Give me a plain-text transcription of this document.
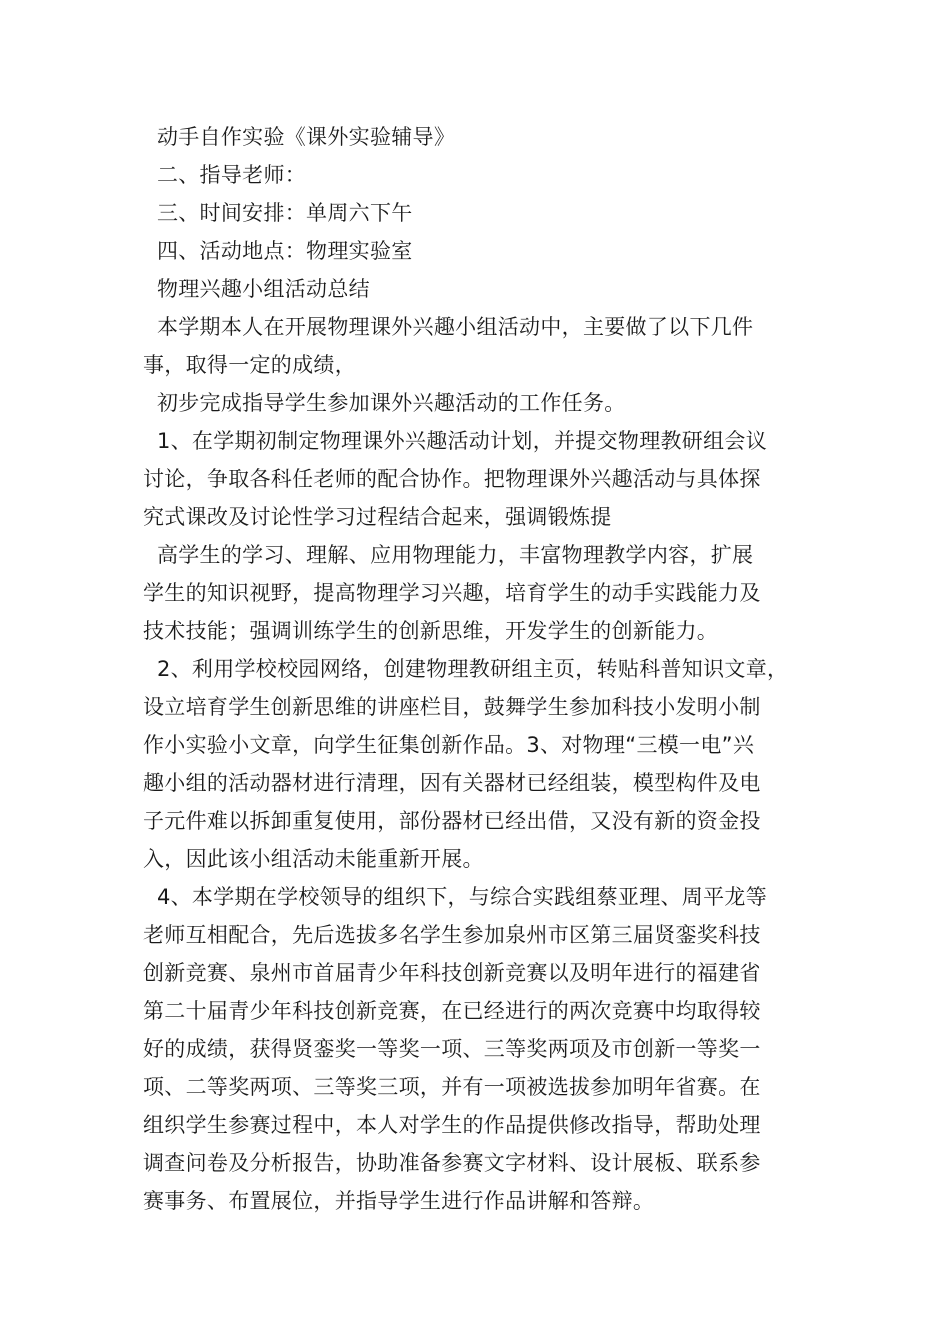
动手自作实验《课外实验辅导》

二、指导老师：

三、时间安排：单周六下午

四、活动地点：物理实验室

物理兴趣小组活动总结

本学期本人在开展物理课外兴趣小组活动中，主要做了以下几件

事，取得一定的成绩，

初步完成指导学生参加课外兴趣活动的工作任务。

1、在学期初制定物理课外兴趣活动计划，并提交物理教研组会议

讨论，争取各科任老师的配合协作。把物理课外兴趣活动与具体探

究式课改及讨论性学习过程结合起来，强调锻炼提

高学生的学习、理解、应用物理能力，丰富物理教学内容，扩展

学生的知识视野，提高物理学习兴趣，培育学生的动手实践能力及

技术技能；强调训练学生的创新思维，开发学生的创新能力。

2、利用学校校园网络，创建物理教研组主页，转贴科普知识文章，

设立培育学生创新思维的讲座栏目，鼓舞学生参加科技小发明小制

作小实验小文章，向学生征集创新作品。3、对物理“三模一电”兴

趣小组的活动器材进行清理，因有关器材已经组装，模型构件及电

子元件难以拆卸重复使用，部份器材已经出借，又没有新的资金投

入，因此该小组活动未能重新开展。

4、本学期在学校领导的组织下，与综合实践组蔡亚理、周平龙等

老师互相配合，先后选拔多名学生参加泉州市区第三届贤銮奖科技

创新竞赛、泉州市首届青少年科技创新竞赛以及明年进行的福建省

第二十届青少年科技创新竞赛，在已经进行的两次竞赛中均取得较

好的成绩，获得贤銮奖一等奖一项、三等奖两项及市创新一等奖一

项、二等奖两项、三等奖三项，并有一项被选拔参加明年省赛。在

组织学生参赛过程中，本人对学生的作品提供修改指导，帮助处理

调查问卷及分析报告，协助准备参赛文字材料、设计展板、联系参

赛事务、布置展位，并指导学生进行作品讲解和答辩。
